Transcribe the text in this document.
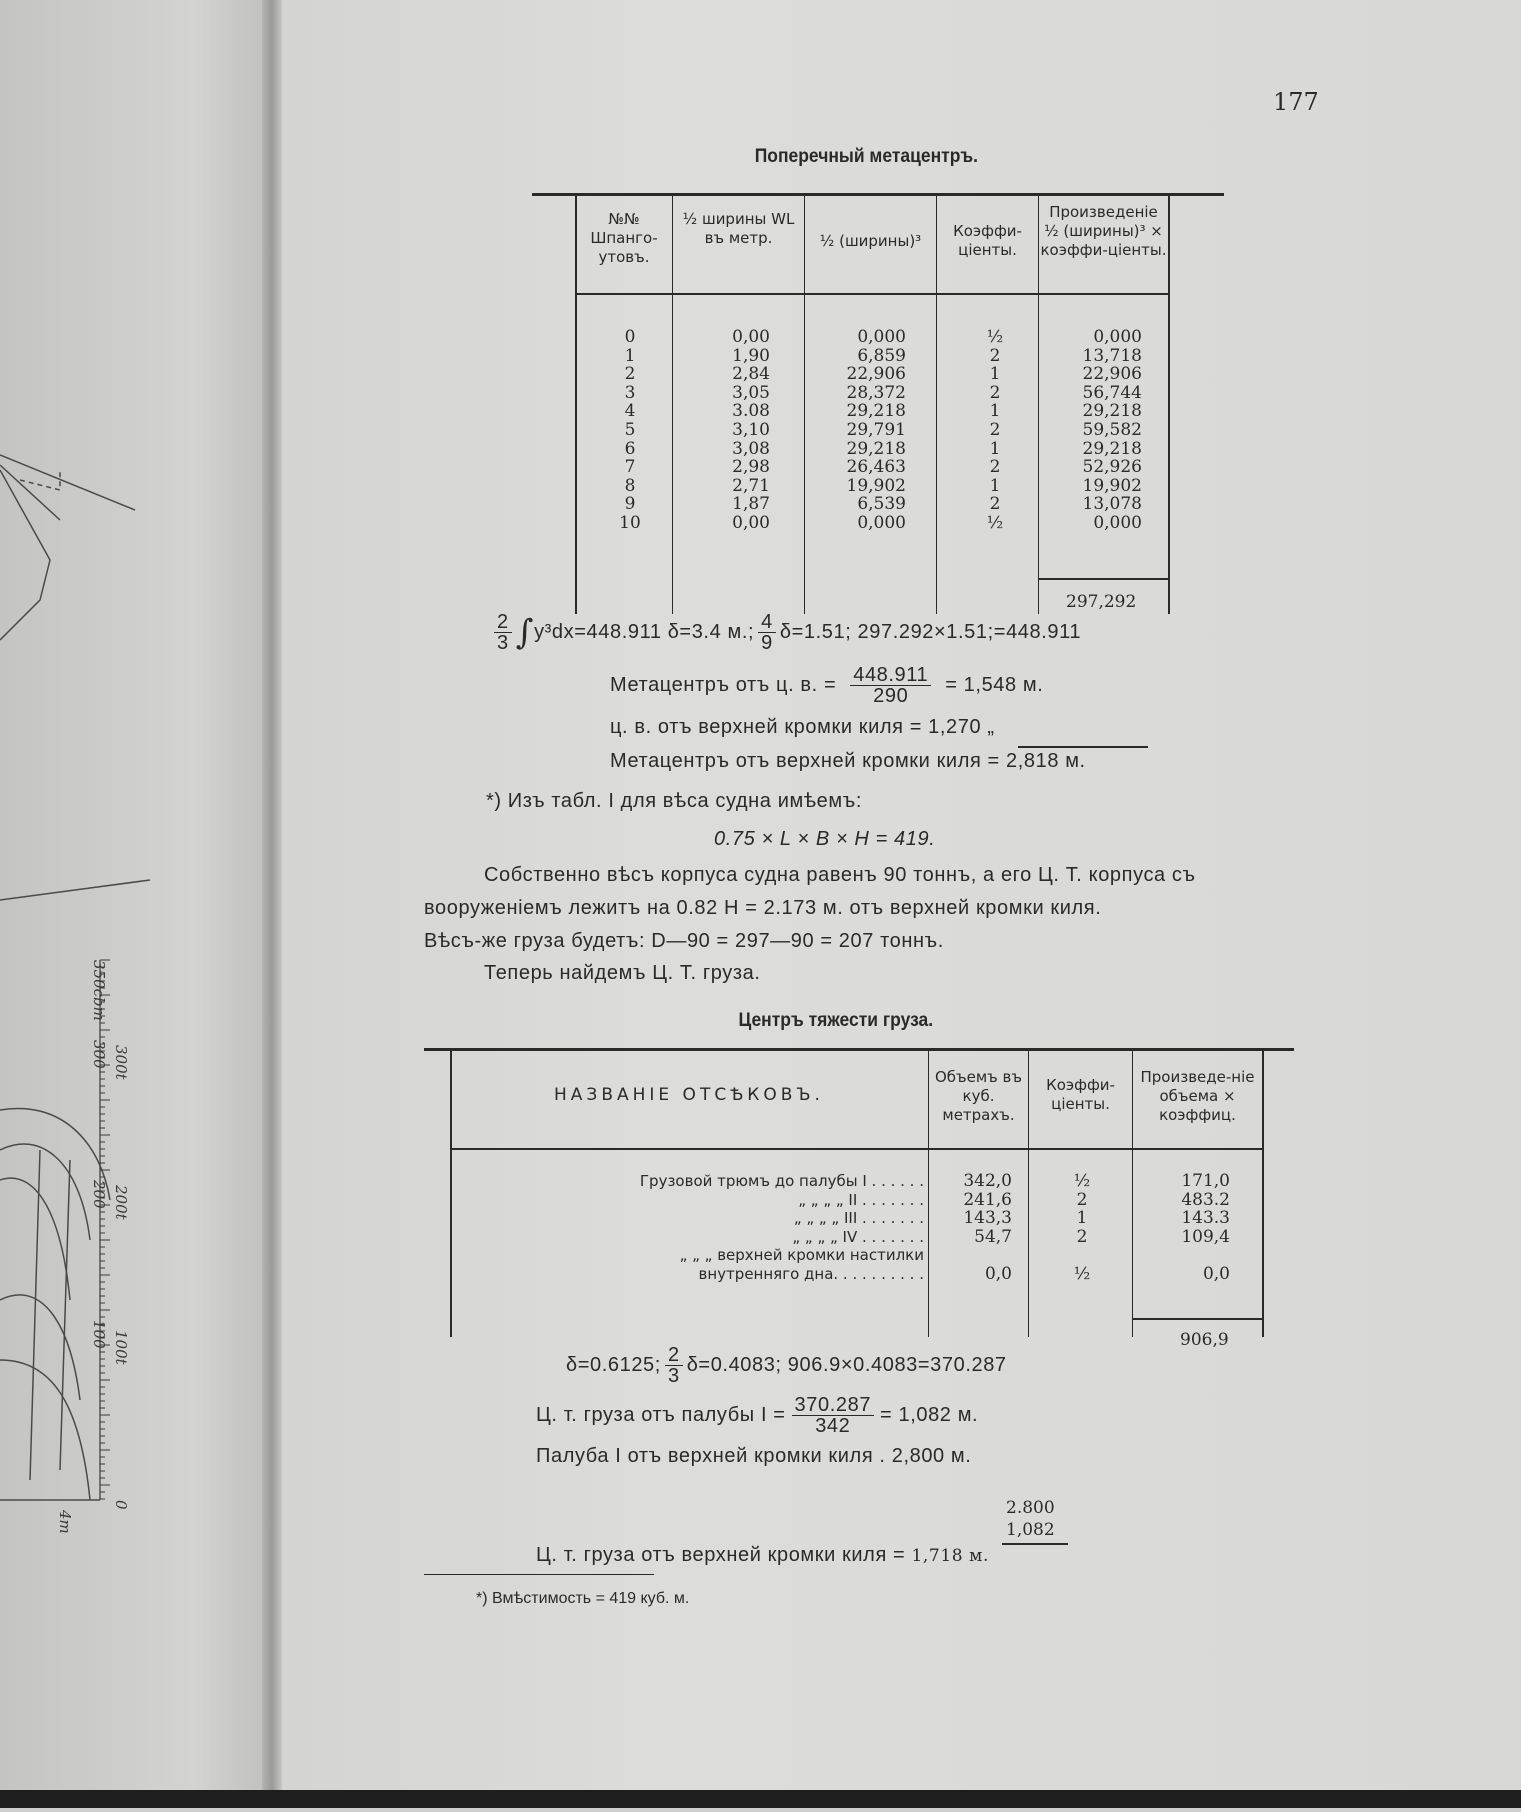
350cbm
300 300t
200 200t
100 100t
0
4m
177
Поперечный метацентръ.
№№ Шпанго-утовъ.
½ ширины WL въ метр.	½ (ширины)³
Коэффи-ціенты.
Произведеніе ½ (ширины)³ × коэффи-ціенты.
0
1
2
3
4
5
6
7
8
9
10
0,00
1,90
2,84
3,05
3.08
3,10
3,08
2,98
2,71
1,87
0,00
0,000
6,859
22,906
28,372
29,218
29,791
29,218
26,463
19,902
6,539
0,000
½
2
1
2
1
2
1
2
1
2
½
0,000
13,718
22,906
56,744
29,218
59,582
29,218
52,926
19,902
13,078
0,000
297,292
$\frac{2}{3} \int y^3dx=448.911$ δ=3.4 м.; $\frac{4}{9} \delta=1.51$; 297.292×1.51;=448.911
Метацентръ отъ ц. в. = $\frac{448.911}{290} = 1,548$ м.
ц. в. отъ верхней кромки киля = 1,270 „
Метацентръ отъ верхней кромки киля = 2,818 м.
*) Изъ табл. I для вѣса судна имѣемъ:
0.75 × L × B × H = 419.
Собственно вѣсъ корпуса судна равенъ 90 тоннъ, а его Ц. Т. корпуса съ
вооруженіемъ лежитъ на 0.82 H = 2.173 м. отъ верхней кромки киля.
Вѣсъ-же груза будетъ: D—90 = 297—90 = 207 тоннъ.
Теперь найдемъ Ц. Т. груза.
Центръ тяжести груза.
НАЗВАНІЕ ОТСѢКОВЪ.
Объемъ въ куб. метрахъ.
Коэффи-ціенты.
Произведе-ніе объема × коэффиц.
Грузовой трюмъ до палубы I . . . . . .
„ „ „ „ II . . . . . . .
„ „ „ „ III . . . . . . .
„ „ „ „ IV . . . . . . .
„ „ „ верхней кромки настилки
внутренняго дна. . . . . . . . . .
342,0
241,6
143,3
54,7
0,0
½
2
1
2
½
171,0
483.2
143.3
109,4
0,0
906,9
δ=0.6125; $\frac{2}{3} \delta=0.4083$; 906.9×0.4083=370.287
Ц. т. груза отъ палубы $I = \frac{370.287}{342} = 1,082$ м.
Палуба I отъ верхней кромки киля . 2,800 м.
2.800
1,082
Ц. т. груза отъ верхней кромки киля = 1,718 м.
*) Вмѣстимость = 419 куб. м.
